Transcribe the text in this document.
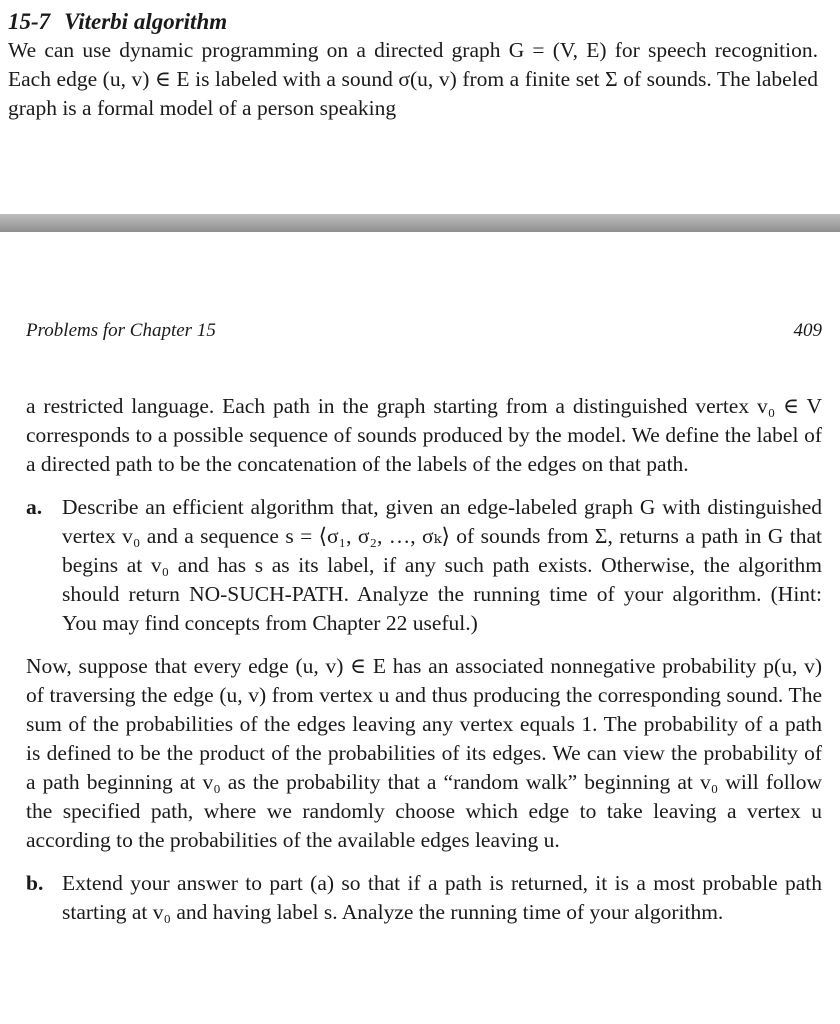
15-7 Viterbi algorithm

We can use dynamic programming on a directed graph G = (V, E) for speech recognition. Each edge (u, v) ∈ E is labeled with a sound σ(u, v) from a finite set Σ of sounds. The labeled graph is a formal model of a person speaking

Problems for Chapter 15	409

a restricted language. Each path in the graph starting from a distinguished vertex v₀ ∈ V corresponds to a possible sequence of sounds produced by the model. We define the label of a directed path to be the concatenation of the labels of the edges on that path.

a. Describe an efficient algorithm that, given an edge-labeled graph G with distinguished vertex v₀ and a sequence s = ⟨σ₁, σ₂, …, σₖ⟩ of sounds from Σ, returns a path in G that begins at v₀ and has s as its label, if any such path exists. Otherwise, the algorithm should return NO-SUCH-PATH. Analyze the running time of your algorithm. (Hint: You may find concepts from Chapter 22 useful.)

Now, suppose that every edge (u, v) ∈ E has an associated nonnegative probability p(u, v) of traversing the edge (u, v) from vertex u and thus producing the corresponding sound. The sum of the probabilities of the edges leaving any vertex equals 1. The probability of a path is defined to be the product of the probabilities of its edges. We can view the probability of a path beginning at v₀ as the probability that a “random walk” beginning at v₀ will follow the specified path, where we randomly choose which edge to take leaving a vertex u according to the probabilities of the available edges leaving u.

b. Extend your answer to part (a) so that if a path is returned, it is a most probable path starting at v₀ and having label s. Analyze the running time of your algorithm.
